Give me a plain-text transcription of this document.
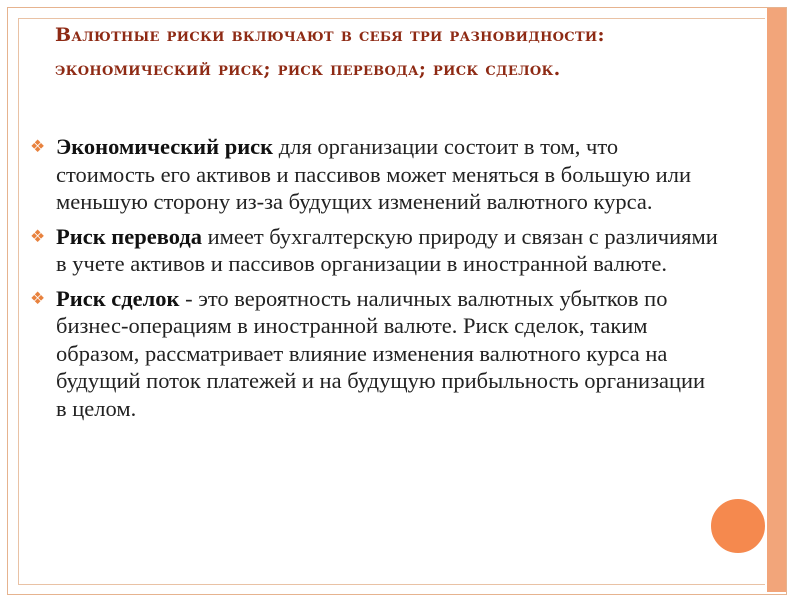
Валютные риски включают в себя три разновидности: экономический риск; риск перевода; риск сделок.
❖ Экономический риск для организации состоит в том, что стоимость его активов и пассивов может меняться в большую или меньшую сторону из-за будущих изменений валютного курса.
❖ Риск перевода имеет бухгалтерскую природу и связан с различиями в учете активов и пассивов организации в иностранной валюте.
❖ Риск сделок - это вероятность наличных валютных убытков по бизнес-операциям в иностранной валюте. Риск сделок, таким образом, рассматривает влияние изменения валютного курса на будущий поток платежей и на будущую прибыльность организации в целом.
